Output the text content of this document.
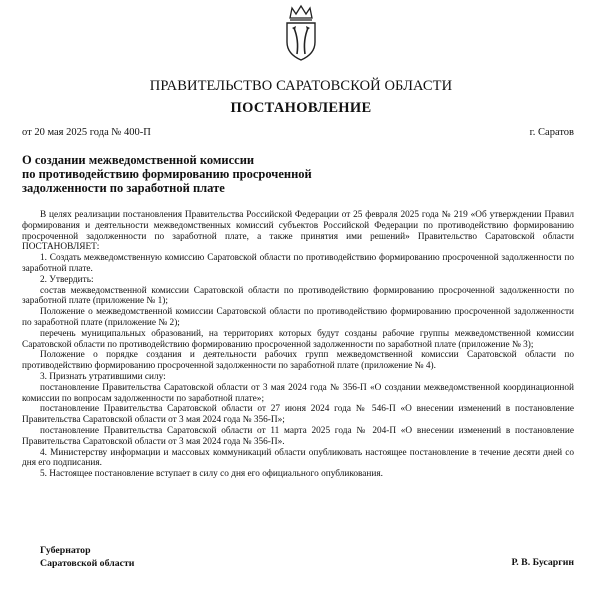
ПРАВИТЕЛЬСТВО САРАТОВСКОЙ ОБЛАСТИ
ПОСТАНОВЛЕНИЕ
от 20 мая 2025 года № 400-П	г. Саратов
О создании межведомственной комиссии
по противодействию формированию просроченной
задолженности по заработной плате

В целях реализации постановления Правительства Российской Федерации от 25 февраля 2025 года № 219 «Об утверждении Правил формирования и деятельности межведомственных комиссий субъектов Российской Федерации по противодействию формированию просроченной задолженности по заработной плате, а также принятия ими решений» Правительство Саратовской области ПОСТАНОВЛЯЕТ:

1. Создать межведомственную комиссию Саратовской области по противодействию формированию просроченной задолженности по заработной плате.

2. Утвердить:

состав межведомственной комиссии Саратовской области по противодействию формированию просроченной задолженности по заработной плате (приложение № 1);

Положение о межведомственной комиссии Саратовской области по противодействию формированию просроченной задолженности по заработной плате (приложение № 2);

перечень муниципальных образований, на территориях которых будут созданы рабочие группы межведомственной комиссии Саратовской области по противодействию формированию просроченной задолженности по заработной плате (приложение № 3);

Положение о порядке создания и деятельности рабочих групп межведомственной комиссии Саратовской области по противодействию формированию просроченной задолженности по заработной плате (приложение № 4).

3. Признать утратившими силу:

постановление Правительства Саратовской области от 3 мая 2024 года № 356-П «О создании межведомственной координационной комиссии по вопросам задолженности по заработной плате»;

постановление Правительства Саратовской области от 27 июня 2024 года № 546-П «О внесении изменений в постановление Правительства Саратовской области от 3 мая 2024 года № 356-П»;

постановление Правительства Саратовской области от 11 марта 2025 года № 204-П «О внесении изменений в постановление Правительства Саратовской области от 3 мая 2024 года № 356-П».

4. Министерству информации и массовых коммуникаций области опубликовать настоящее постановление в течение десяти дней со дня его подписания.

5. Настоящее постановление вступает в силу со дня его официального опубликования.

Губернатор
Саратовской области	Р. В. Бусаргин
